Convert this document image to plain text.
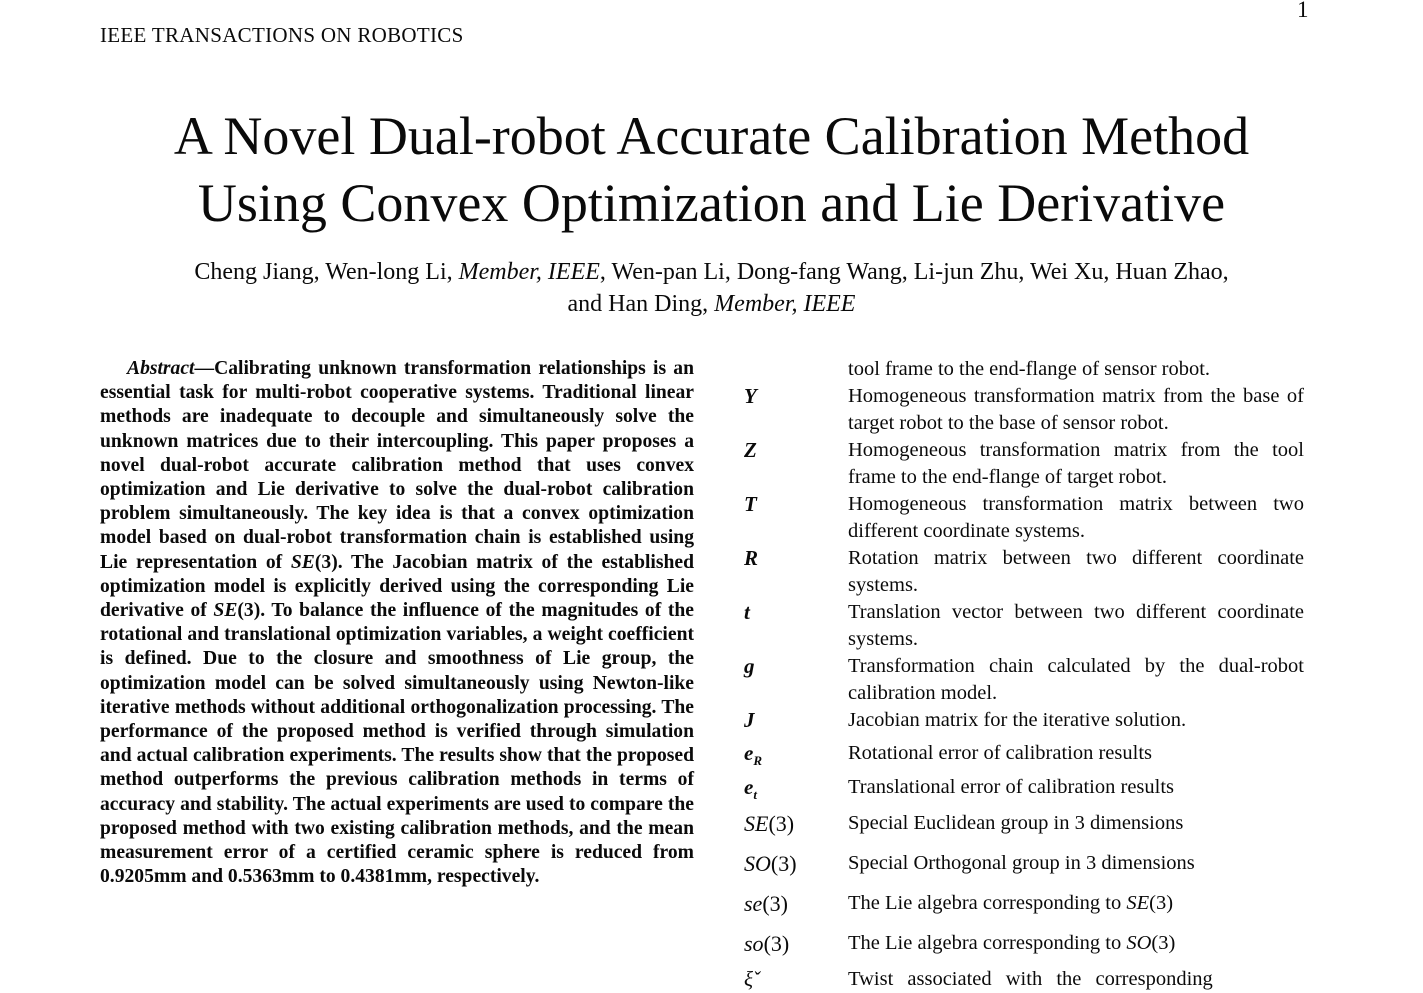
IEEE TRANSACTIONS ON ROBOTICS
1
A Novel Dual-robot Accurate Calibration Method
Using Convex Optimization and Lie Derivative
Cheng Jiang, Wen-long Li, Member, IEEE, Wen-pan Li, Dong-fang Wang, Li-jun Zhu, Wei Xu, Huan Zhao,
and Han Ding, Member, IEEE

Abstract—Calibrating unknown transformation relationships is an essential task for multi-robot cooperative systems. Traditional linear methods are inadequate to decouple and simultaneously solve the unknown matrices due to their intercoupling. This paper proposes a novel dual-robot accurate calibration method that uses convex optimization and Lie derivative to solve the dual-robot calibration problem simultaneously. The key idea is that a convex optimization model based on dual-robot transformation chain is established using Lie representation of SE(3). The Jacobian matrix of the established optimization model is explicitly derived using the corresponding Lie derivative of SE(3). To balance the influence of the magnitudes of the rotational and translational optimization variables, a weight coefficient is defined. Due to the closure and smoothness of Lie group, the optimization model can be solved simultaneously using Newton-like iterative methods without additional orthogonalization processing. The performance of the proposed method is verified through simulation and actual calibration experiments. The results show that the proposed method outperforms the previous calibration methods in terms of accuracy and stability. The actual experiments are used to compare the proposed method with two existing calibration methods, and the mean measurement error of a certified ceramic sphere is reduced from 0.9205mm and 0.5363mm to 0.4381mm, respectively.

tool frame to the end-flange of sensor robot.
Y	Homogeneous transformation matrix from the base of target robot to the base of sensor robot.
Z	Homogeneous transformation matrix from the tool frame to the end-flange of target robot.
T	Homogeneous transformation matrix between two different coordinate systems.
R	Rotation matrix between two different coordinate systems.
t	Translation vector between two different coordinate systems.
g	Transformation chain calculated by the dual-robot calibration model.
J	Jacobian matrix for the iterative solution.
$e_R$	Rotational error of calibration results
$e_t$	Translational error of calibration results
SE(3)	Special Euclidean group in 3 dimensions
SO(3)	Special Orthogonal group in 3 dimensions
se(3)	The Lie algebra corresponding to SE(3)
so(3)	The Lie algebra corresponding to SO(3)
ξ̌	Twist associated with the corresponding
